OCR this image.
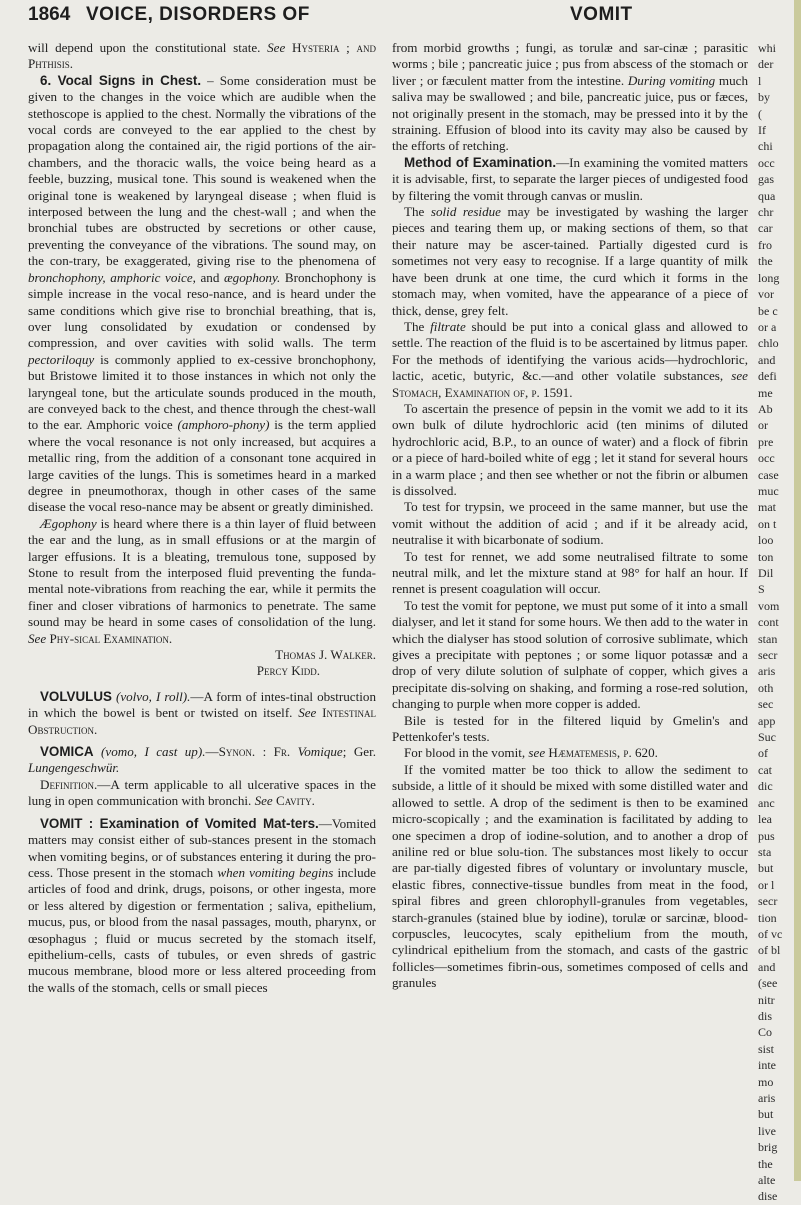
1864 VOICE, DISORDERS OF	VOMIT

will depend upon the constitutional state. See Hysteria ; and Phthisis.

6. Vocal Signs in Chest. – Some consideration must be given to the changes in the voice which are audible when the stethoscope is applied to the chest. Normally the vibrations of the vocal cords are conveyed to the ear applied to the chest by propagation along the contained air, the rigid portions of the air-chambers, and the thoracic walls, the voice being heard as a feeble, buzzing, musical tone. This sound is weakened when the original tone is weakened by laryngeal disease ; when fluid is interposed between the lung and the chest-wall ; and when the bronchial tubes are obstructed by secretions or other cause, preventing the conveyance of the vibrations. The sound may, on the con-trary, be exaggerated, giving rise to the phenomena of bronchophony, amphoric voice, and ægophony. Bronchophony is simple increase in the vocal reso-nance, and is heard under the same conditions which give rise to bronchial breathing, that is, over lung consolidated by exudation or condensed by compression, and over cavities with solid walls. The term pectoriloquy is commonly applied to ex-cessive bronchophony, but Bristowe limited it to those instances in which not only the laryngeal tone, but the articulate sounds produced in the mouth, are conveyed back to the chest, and thence through the chest-wall to the ear. Amphoric voice (amphoro-phony) is the term applied where the vocal resonance is not only increased, but acquires a metallic ring, from the addition of a consonant tone acquired in large cavities of the lungs. This is sometimes heard in a marked degree in pneumothorax, though in other cases of the same disease the vocal reso-nance may be absent or greatly diminished.

Ægophony is heard where there is a thin layer of fluid between the ear and the lung, as in small effusions or at the margin of larger effusions. It is a bleating, tremulous tone, supposed by Stone to result from the interposed fluid preventing the funda-mental note-vibrations from reaching the ear, while it permits the finer and closer vibrations of harmonics to penetrate. The same sound may be heard in some cases of consolidation of the lung. See Phy-sical Examination.

Thomas J. Walker.
Percy Kidd.

VOLVULUS (volvo, I roll).—A form of intes-tinal obstruction in which the bowel is bent or twisted on itself. See Intestinal Obstruction.

VOMICA (vomo, I cast up).—Synon. : Fr. Vomique; Ger. Lungengeschwür.

Definition.—A term applicable to all ulcerative spaces in the lung in open communication with bronchi. See Cavity.

VOMIT : Examination of Vomited Mat-ters.—Vomited matters may consist either of sub-stances present in the stomach when vomiting begins, or of substances entering it during the pro-cess. Those present in the stomach when vomiting begins include articles of food and drink, drugs, poisons, or other ingesta, more or less altered by digestion or fermentation ; saliva, epithelium, mucus, pus, or blood from the nasal passages, mouth, pharynx, or œsophagus ; fluid or mucus secreted by the stomach itself, epithelium-cells, casts of tubules, or even shreds of gastric mucous membrane, blood more or less altered proceeding from the walls of the stomach, cells or small pieces

from morbid growths ; fungi, as torulæ and sar-cinæ ; parasitic worms ; bile ; pancreatic juice ; pus from abscess of the stomach or liver ; or fæculent matter from the intestine. During vomiting much saliva may be swallowed ; and bile, pancreatic juice, pus or fæces, not originally present in the stomach, may be pressed into it by the straining. Effusion of blood into its cavity may also be caused by the efforts of retching.

Method of Examination.—In examining the vomited matters it is advisable, first, to separate the larger pieces of undigested food by filtering the vomit through canvas or muslin.

The solid residue may be investigated by washing the larger pieces and tearing them up, or making sections of them, so that their nature may be ascer-tained. Partially digested curd is sometimes not very easy to recognise. If a large quantity of milk have been drunk at one time, the curd which it forms in the stomach may, when vomited, have the appearance of a piece of thick, dense, grey felt.

The filtrate should be put into a conical glass and allowed to settle. The reaction of the fluid is to be ascertained by litmus paper. For the methods of identifying the various acids—hydrochloric, lactic, acetic, butyric, &c.—and other volatile substances, see Stomach, Examination of, p. 1591.

To ascertain the presence of pepsin in the vomit we add to it its own bulk of dilute hydrochloric acid (ten minims of diluted hydrochloric acid, B.P., to an ounce of water) and a flock of fibrin or a piece of hard-boiled white of egg ; let it stand for several hours in a warm place ; and then see whether or not the fibrin or albumen is dissolved.

To test for trypsin, we proceed in the same manner, but use the vomit without the addition of acid ; and if it be already acid, neutralise it with bicarbonate of sodium.

To test for rennet, we add some neutralised filtrate to some neutral milk, and let the mixture stand at 98° for half an hour. If rennet is present coagulation will occur.

To test the vomit for peptone, we must put some of it into a small dialyser, and let it stand for some hours. We then add to the water in which the dialyser has stood solution of corrosive sublimate, which gives a precipitate with peptones ; or some liquor potassæ and a drop of very dilute solution of sulphate of copper, which gives a precipitate dis-solving on shaking, and forming a rose-red solution, changing to purple when more copper is added.

Bile is tested for in the filtered liquid by Gmelin's and Pettenkofer's tests.

For blood in the vomit, see Hæmatemesis, p. 620.

If the vomited matter be too thick to allow the sediment to subside, a little of it should be mixed with some distilled water and allowed to settle. A drop of the sediment is then to be examined micro-scopically ; and the examination is facilitated by adding to one specimen a drop of iodine-solution, and to another a drop of aniline red or blue solu-tion. The substances most likely to occur are par-tially digested fibres of voluntary or involuntary muscle, elastic fibres, connective-tissue bundles from meat in the food, spiral fibres and green chlorophyll-granules from vegetables, starch-granules (stained blue by iodine), torulæ or sarcinæ, blood-corpuscles, leucocytes, scaly epithelium from the mouth, cylindrical epithelium from the stomach, and casts of the gastric follicles—sometimes fibrin-ous, sometimes composed of cells and granules

whi
der
l
by
(
If
chi
occ
gas
qua
chr
car
fro
the
long
vor
be c
or a
chlo
and
defi
me
Ab
or
pre
occ
case
muc
mat
on t
loo
ton
Dil
S
vom
cont
stan
secr
aris
oth
sec
app
Suc
of
cat
dic
anc
lea
pus
sta
but
or l
secr
tion
of vc
of bl
and
(see
nitr
dis
Co
sist
inte
mo
aris
but
live
brig
the
alte
dise
